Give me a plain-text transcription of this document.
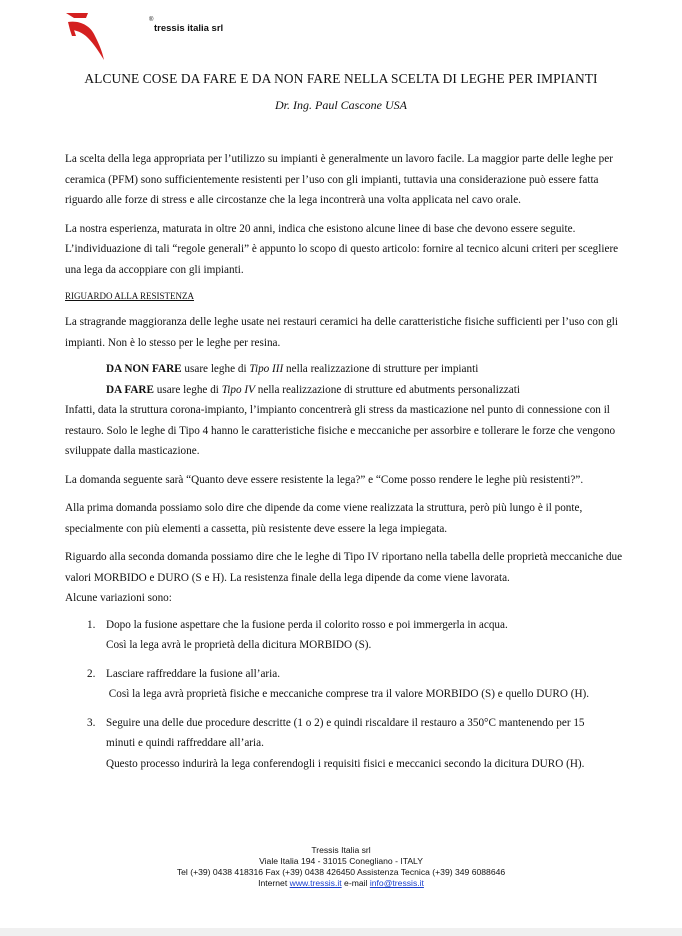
®
tressis italia srl
ALCUNE COSE DA FARE E DA NON FARE NELLA SCELTA DI LEGHE PER IMPIANTI
Dr. Ing. Paul Cascone USA

La scelta della lega appropriata per l’utilizzo su impianti è generalmente un lavoro facile. La maggior parte delle leghe per ceramica (PFM) sono sufficientemente resistenti per l’uso con gli impianti, tuttavia una considerazione può essere fatta riguardo alle forze di stress e alle circostanze che la lega incontrerà una volta applicata nel cavo orale.

La nostra esperienza, maturata in oltre 20 anni, indica che esistono alcune linee di base che devono essere seguite. L’individuazione di tali “regole generali” è appunto lo scopo di questo articolo: fornire al tecnico alcuni criteri per scegliere una lega da accoppiare con gli impianti.

RIGUARDO ALLA RESISTENZA

La stragrande maggioranza delle leghe usate nei restauri ceramici ha delle caratteristiche fisiche sufficienti per l’uso con gli impianti. Non è lo stesso per le leghe per resina.

DA NON FARE usare leghe di Tipo III nella realizzazione di strutture per impianti

DA FARE usare leghe di Tipo IV nella realizzazione di strutture ed abutments personalizzati

Infatti, data la struttura corona-impianto, l’impianto concentrerà gli stress da masticazione nel punto di connessione con il restauro. Solo le leghe di Tipo 4 hanno le caratteristiche fisiche e meccaniche per assorbire e tollerare le forze che vengono sviluppate dalla masticazione.

La domanda seguente sarà “Quanto deve essere resistente la lega?” e “Come posso rendere le leghe più resistenti?”.

Alla prima domanda possiamo solo dire che dipende da come viene realizzata la struttura, però più lungo è il ponte, specialmente con più elementi a cassetta, più resistente deve essere la lega impiegata.

Riguardo alla seconda domanda possiamo dire che le leghe di Tipo IV riportano nella tabella delle proprietà meccaniche due valori MORBIDO e DURO (S e H). La resistenza finale della lega dipende da come viene lavorata.

Alcune variazioni sono:

1. Dopo la fusione aspettare che la fusione perda il colorito rosso e poi immergerla in acqua.
Così la lega avrà le proprietà della dicitura MORBIDO (S).
2. Lasciare raffreddare la fusione all’aria.
Così la lega avrà proprietà fisiche e meccaniche comprese tra il valore MORBIDO (S) e quello DURO (H).
3. Seguire una delle due procedure descritte (1 o 2) e quindi riscaldare il restauro a 350°C mantenendo per 15 minuti e quindi raffreddare all’aria.
Questo processo indurirà la lega conferendogli i requisiti fisici e meccanici secondo la dicitura DURO (H).
Tressis Italia srl
Viale Italia 194 - 31015 Conegliano - ITALY
Tel (+39) 0438 418316 Fax (+39) 0438 426450 Assistenza Tecnica (+39) 349 6088646
Internet www.tressis.it e-mail info@tressis.it
